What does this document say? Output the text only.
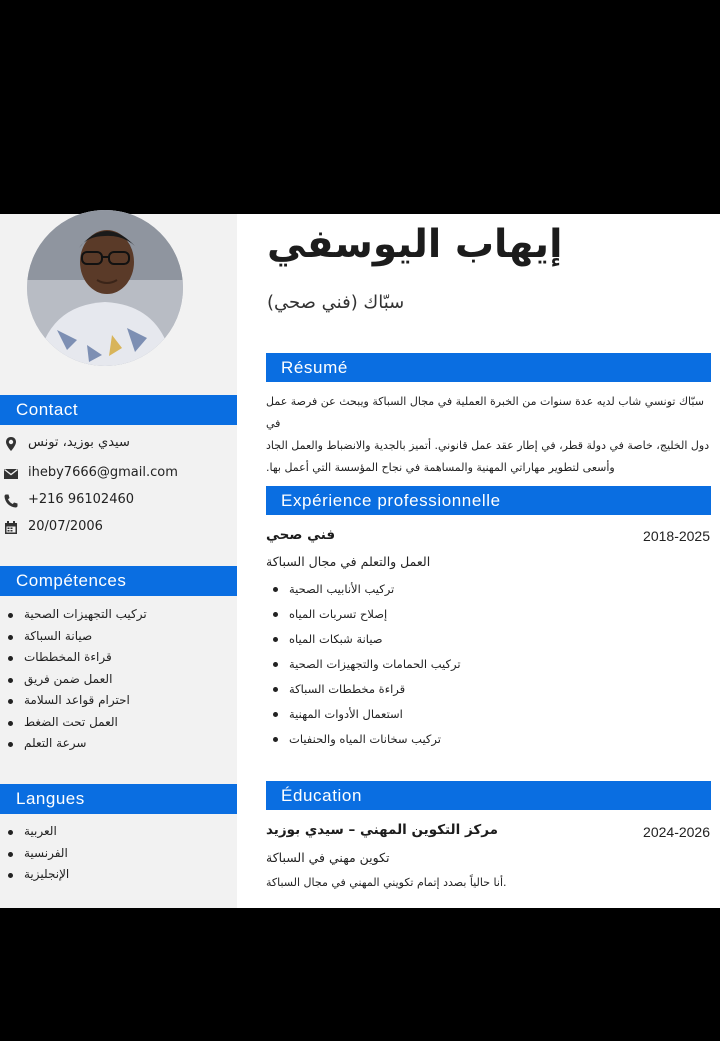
Contact
سيدي بوزيد، تونس
iheby7666@gmail.com
+216 96102460
20/07/2006
Compétences
تركيب التجهيزات الصحية
صيانة السباكة
قراءة المخططات
العمل ضمن فريق
احترام قواعد السلامة
العمل تحت الضغط
سرعة التعلم
Langues
العربية
الفرنسية
الإنجليزية
إيهاب اليوسفي
سبّاك (فني صحي)
Résumé
سبّاك تونسي شاب لديه عدة سنوات من الخبرة العملية في مجال السباكة ويبحث عن فرصة عمل في
دول الخليج، خاصة في دولة قطر، في إطار عقد عمل قانوني. أتميز بالجدية والانضباط والعمل الجاد
وأسعى لتطوير مهاراتي المهنية والمساهمة في نجاح المؤسسة التي أعمل بها.
Expérience professionnelle
فني صحي	2018-2025
العمل والتعلم في مجال السباكة
تركيب الأنابيب الصحية
إصلاح تسربات المياه
صيانة شبكات المياه
تركيب الحمامات والتجهيزات الصحية
قراءة مخططات السباكة
استعمال الأدوات المهنية
تركيب سخانات المياه والحنفيات
Éducation
مركز التكوين المهني – سيدي بوزيد	2024-2026
تكوين مهني في السباكة
أنا حالياً بصدد إتمام تكويني المهني في مجال السباكة.
